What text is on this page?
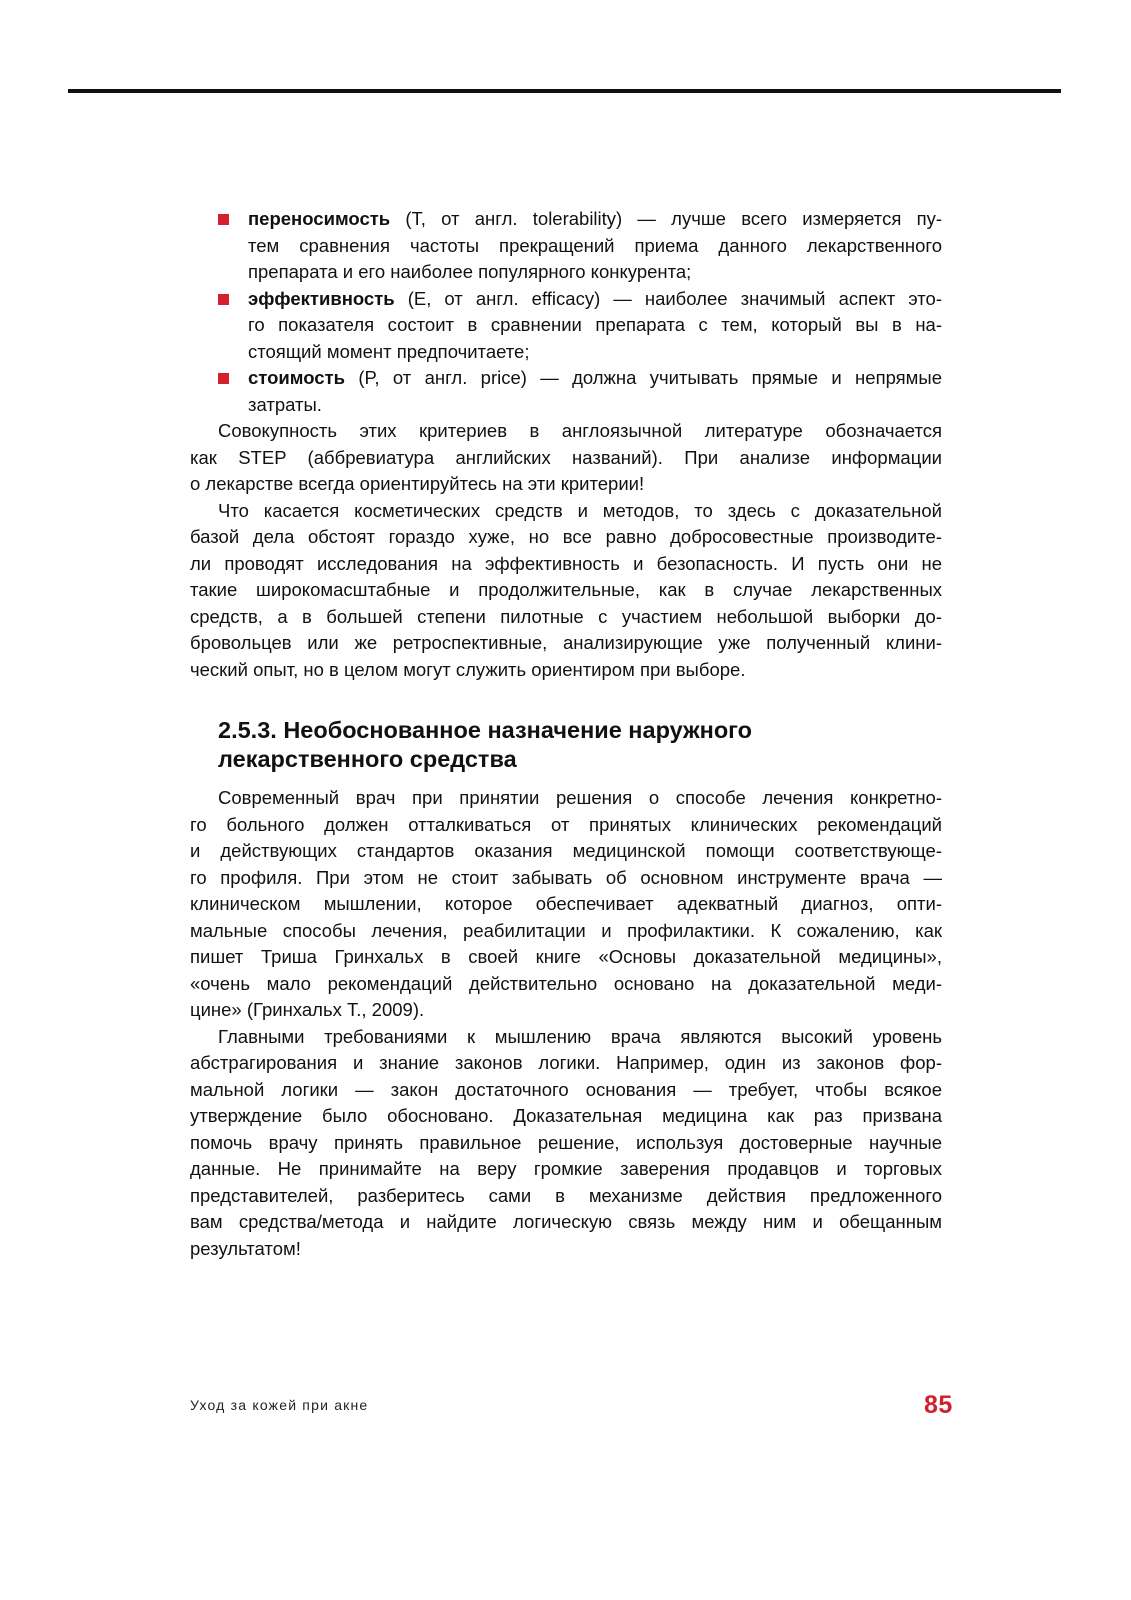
переносимость (T, от англ. tolerability) — лучше всего измеряется пу-
тем сравнения частоты прекращений приема данного лекарственного
препарата и его наиболее популярного конкурента;
эффективность (E, от англ. efficacy) — наиболее значимый аспект это-
го показателя состоит в сравнении препарата с тем, который вы в на-
стоящий момент предпочитаете;
стоимость (P, от англ. price) — должна учитывать прямые и непрямые
затраты.
Совокупность этих критериев в англоязычной литературе обозначается
как STEP (аббревиатура английских названий). При анализе информации
о лекарстве всегда ориентируйтесь на эти критерии!
Что касается косметических средств и методов, то здесь с доказательной
базой дела обстоят гораздо хуже, но все равно добросовестные производите-
ли проводят исследования на эффективность и безопасность. И пусть они не
такие широкомасштабные и продолжительные, как в случае лекарственных
средств, а в большей степени пилотные с участием небольшой выборки до-
бровольцев или же ретроспективные, анализирующие уже полученный клини-
ческий опыт, но в целом могут служить ориентиром при выборе.
2.5.3. Необоснованное назначение наружного
лекарственного средства
Современный врач при принятии решения о способе лечения конкретно-
го больного должен отталкиваться от принятых клинических рекомендаций
и действующих стандартов оказания медицинской помощи соответствующе-
го профиля. При этом не стоит забывать об основном инструменте врача —
клиническом мышлении, которое обеспечивает адекватный диагноз, опти-
мальные способы лечения, реабилитации и профилактики. К сожалению, как
пишет Триша Гринхальх в своей книге «Основы доказательной медицины»,
«очень мало рекомендаций действительно основано на доказательной меди-
цине» (Гринхальх Т., 2009).
Главными требованиями к мышлению врача являются высокий уровень
абстрагирования и знание законов логики. Например, один из законов фор-
мальной логики — закон достаточного основания — требует, чтобы всякое
утверждение было обосновано. Доказательная медицина как раз призвана
помочь врачу принять правильное решение, используя достоверные научные
данные. Не принимайте на веру громкие заверения продавцов и торговых
представителей, разберитесь сами в механизме действия предложенного
вам средства/метода и найдите логическую связь между ним и обещанным
результатом!
Уход за кожей при акне	85
